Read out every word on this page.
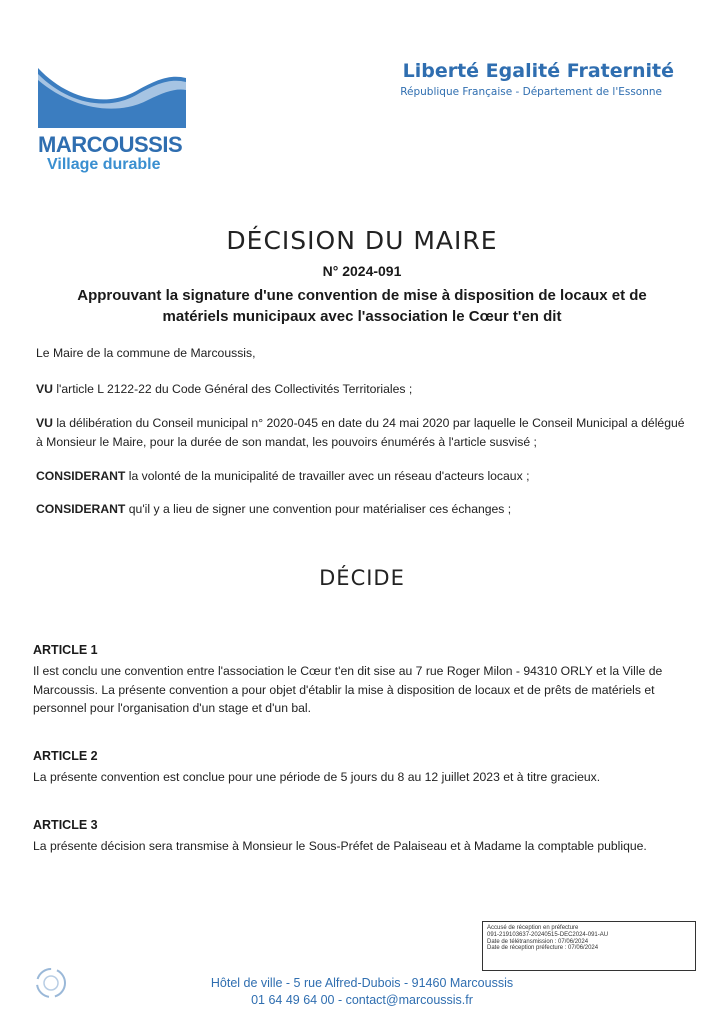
MARCOUSSIS
Village durable
Liberté Egalité Fraternité
République Française - Département de l'Essonne
DÉCISION DU MAIRE
N° 2024-091
Approuvant la signature d'une convention de mise à disposition de locaux et de
matériels municipaux avec l'association le Cœur t'en dit
Le Maire de la commune de Marcoussis,
VU l'article L 2122-22 du Code Général des Collectivités Territoriales ;
VU la délibération du Conseil municipal n° 2020-045 en date du 24 mai 2020 par laquelle le Conseil Municipal a délégué à Monsieur le Maire, pour la durée de son mandat, les pouvoirs énumérés à l'article susvisé ;
CONSIDERANT la volonté de la municipalité de travailler avec un réseau d'acteurs locaux ;
CONSIDERANT qu'il y a lieu de signer une convention pour matérialiser ces échanges ;
DÉCIDE
ARTICLE 1
Il est conclu une convention entre l'association le Cœur t'en dit sise au 7 rue Roger Milon - 94310 ORLY et la Ville de Marcoussis. La présente convention a pour objet d'établir la mise à disposition de locaux et de prêts de matériels et personnel pour l'organisation d'un stage et d'un bal.
ARTICLE 2
La présente convention est conclue pour une période de 5 jours du 8 au 12 juillet 2023 et à titre gracieux.
ARTICLE 3
La présente décision sera transmise à Monsieur le Sous-Préfet de Palaiseau et à Madame la comptable publique.
Accusé de réception en préfecture
091-219103637-20240515-DEC2024-091-AU
Date de télétransmission : 07/06/2024
Date de réception préfecture : 07/06/2024
Hôtel de ville - 5 rue Alfred-Dubois - 91460 Marcoussis
01 64 49 64 00 - contact@marcoussis.fr
